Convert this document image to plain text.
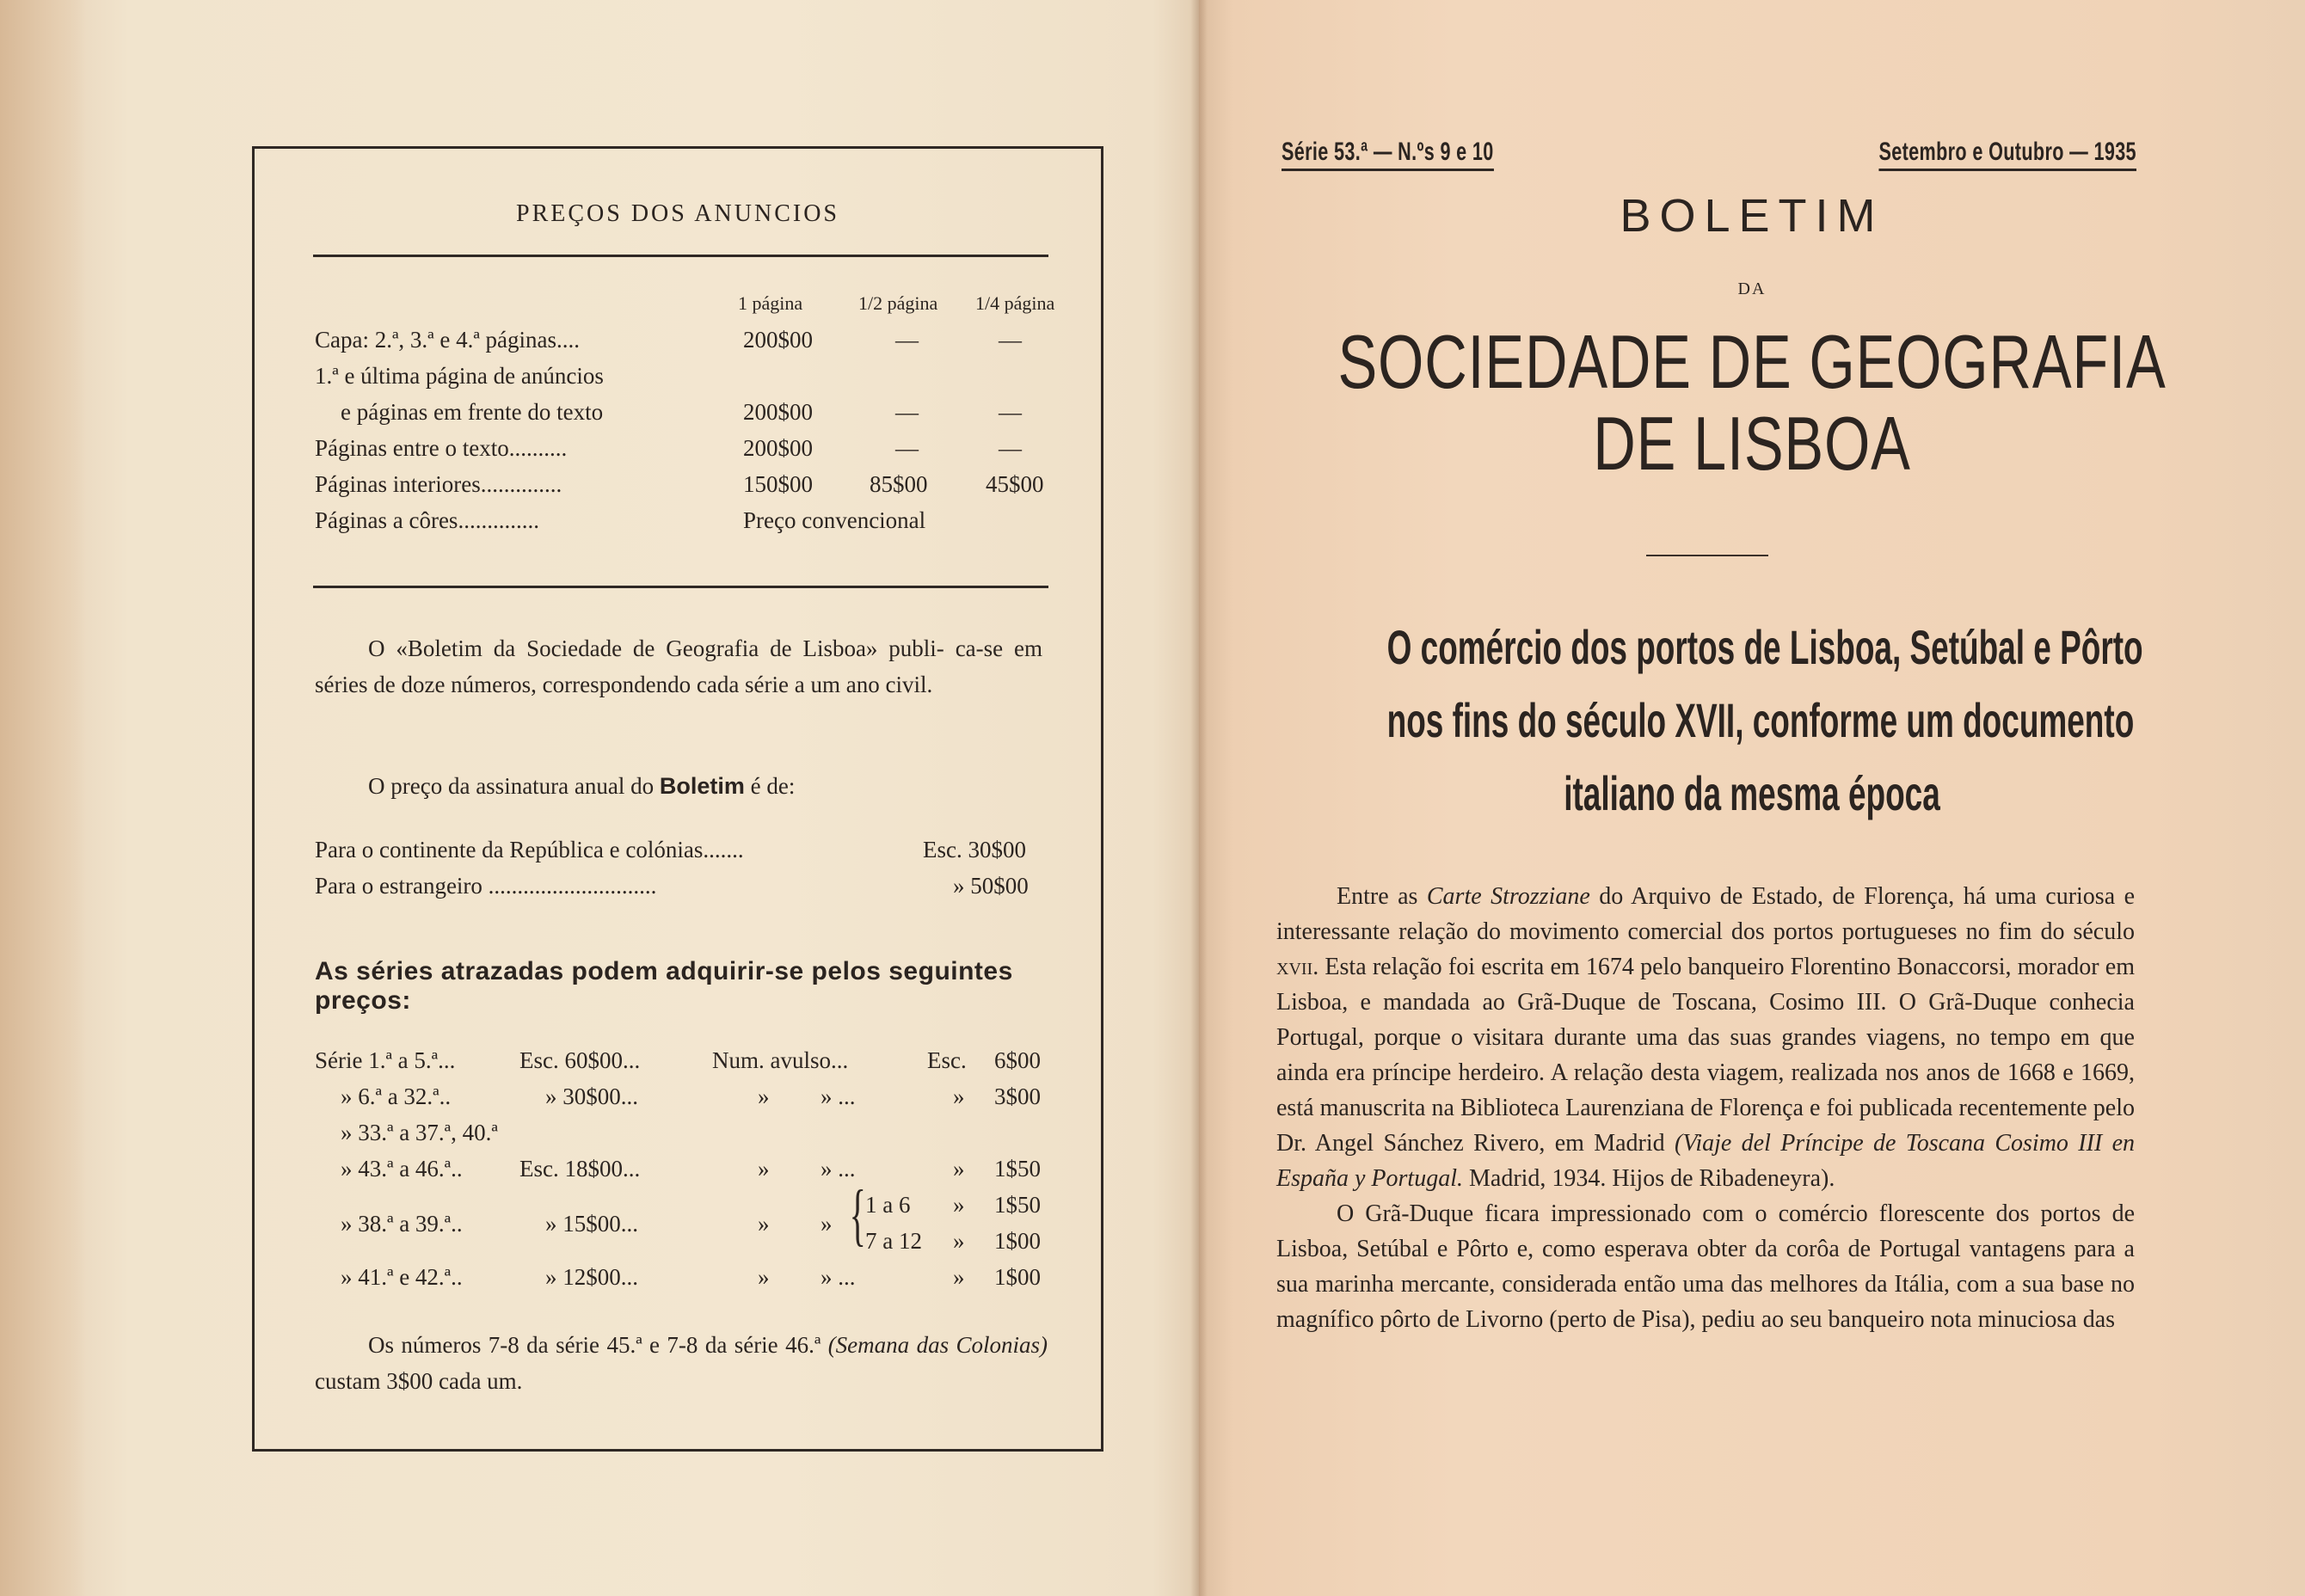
PREÇOS DOS ANUNCIOS
1 página	1/2 página 1/4 página
Capa: 2.ª, 3.ª e 4.ª páginas....	200$00	—	—
1.ª e última página de anúncios
e páginas em frente do texto	200$00	—	—
Páginas entre o texto..........	200$00	—	—
Páginas interiores..............	150$00 85$00	45$00
Páginas a côres..............	Preço convencional
O «Boletim da Sociedade de Geografia de Lisboa» publi- ca-se em séries de doze números, correspondendo cada série a um ano civil.
O preço da assinatura anual do Boletim é de:
Para o continente da República e colónias.......	Esc. 30$00
Para o estrangeiro .............................	» 50$00
As séries atrazadas podem adquirir-se pelos seguintes preços:
Série 1.ª a 5.ª...	Esc. 60$00...	Num. avulso...	Esc. 6$00
» 6.ª a 32.ª..	» 30$00...	» » ...	» 3$00
» 33.ª a 37.ª, 40.ª
» 43.ª a 46.ª.. Esc. 18$00...	» » ...	» 1$50
» 38.ª a 39.ª..	» 15$00...	» » { 1 a 6 » 1$50
7 a 12 » 1$00
» 41.ª e 42.ª..	» 12$00...	» » ...	» 1$00
Os números 7-8 da série 45.ª e 7-8 da série 46.ª (Semana das Colonias) custam 3$00 cada um.
Série 53.ª — N.ºs 9 e 10	Setembro e Outubro — 1935
BOLETIM
DA
SOCIEDADE DE GEOGRAFIA
DE LISBOA
O comércio dos portos de Lisboa, Setúbal e Pôrto
nos fins do século XVII, conforme um documento
italiano da mesma época

Entre as Carte Strozziane do Arquivo de Estado, de Florença, há uma curiosa e interessante relação do movimento comercial dos portos portugueses no fim do século xvii. Esta relação foi escrita em 1674 pelo banqueiro Florentino Bonaccorsi, morador em Lisboa, e mandada ao Grã-Duque de Toscana, Cosimo III. O Grã-Duque conhecia Portugal, porque o visitara durante uma das suas grandes viagens, no tempo em que ainda era príncipe herdeiro. A relação desta viagem, realizada nos anos de 1668 e 1669, está manuscrita na Biblioteca Laurenziana de Florença e foi publicada recentemente pelo Dr. Angel Sánchez Rivero, em Madrid (Viaje del Príncipe de Toscana Cosimo III en España y Portugal. Madrid, 1934. Hijos de Ribadeneyra).

O Grã-Duque ficara impressionado com o comércio florescente dos portos de Lisboa, Setúbal e Pôrto e, como esperava obter da corôa de Portugal vantagens para a sua marinha mercante, considerada então uma das melhores da Itália, com a sua base no magnífico pôrto de Livorno (perto de Pisa), pediu ao seu banqueiro nota minuciosa das
